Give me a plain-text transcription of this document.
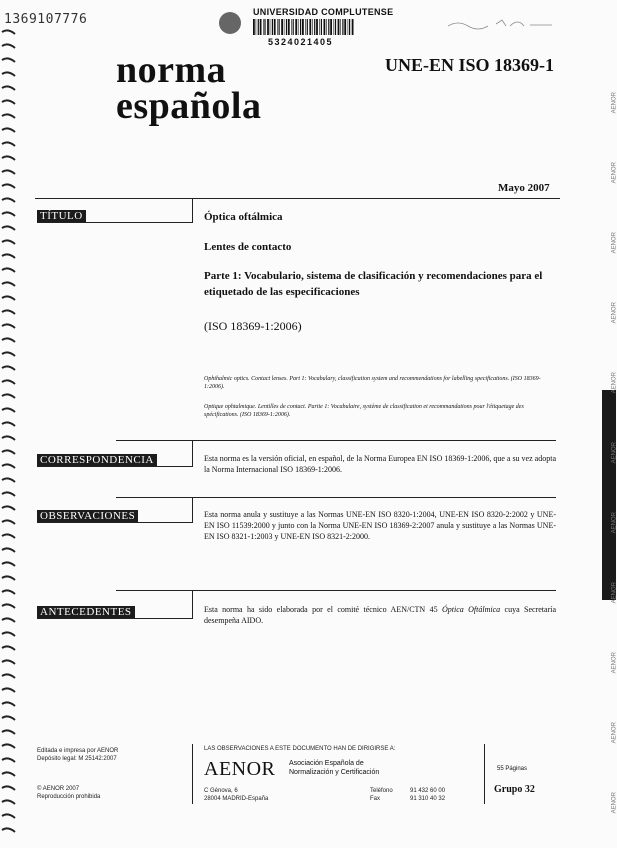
1369107776	UNIVERSIDAD COMPLUTENSE
5324021405
norma
española
UNE-EN ISO 18369-1
Mayo 2007
TÍTULO	Óptica oftálmica
Lentes de contacto
Parte 1: Vocabulario, sistema de clasificación y recomendaciones para el etiquetado de las especificaciones
(ISO 18369-1:2006)
Ophthalmic optics. Contact lenses. Part 1: Vocabulary, classification system and recommendations for labelling specifications. (ISO 18369-1:2006).
Optique ophtalmique. Lentilles de contact. Partie 1: Vocabulaire, système de classification et recommandations pour l'étiquetage des spécifications. (ISO 18369-1:2006).
CORRESPONDENCIA	Esta norma es la versión oficial, en español, de la Norma Europea EN ISO 18369-1:2006, que a su vez adopta la Norma Internacional ISO 18369-1:2006.
OBSERVACIONES	Esta norma anula y sustituye a las Normas UNE-EN ISO 8320-1:2004, UNE-EN ISO 8320-2:2002 y UNE-EN ISO 11539:2000 y junto con la Norma UNE-EN ISO 18369-2:2007 anula y sustituye a las Normas UNE-EN ISO 8321-1:2003 y UNE-EN ISO 8321-2:2000.
ANTECEDENTES	Esta norma ha sido elaborada por el comité técnico AEN/CTN 45 Óptica Oftálmica cuya Secretaría desempeña AIDO.
Editada e impresa por AENOR
Depósito legal: M 25142:2007
© AENOR 2007
Reproducción prohibida
LAS OBSERVACIONES A ESTE DOCUMENTO HAN DE DIRIGIRSE A:
AENOR Asociación Española de
Normalización y Certificación
C Génova, 6
28004 MADRID-España
Teléfono	91 432 60 00
Fax	91 310 40 32
55 Páginas
Grupo 32
AENOR
AENOR
AENOR
AENOR
AENOR
AENOR
AENOR
AENOR
AENOR
AENOR
AENOR
